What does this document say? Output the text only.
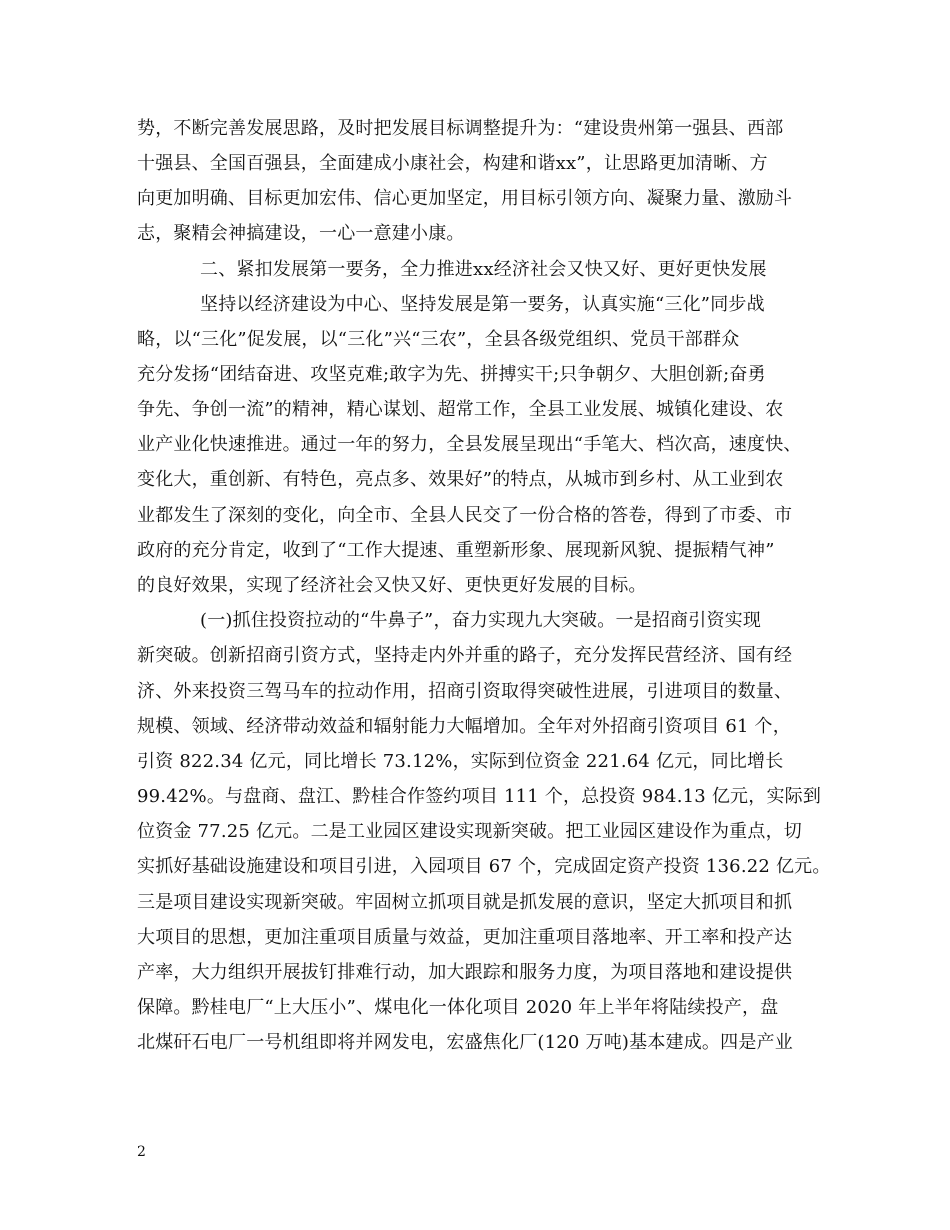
势，不断完善发展思路，及时把发展目标调整提升为：“建设贵州第一强县、西部
十强县、全国百强县，全面建成小康社会，构建和谐xx”，让思路更加清晰、方
向更加明确、目标更加宏伟、信心更加坚定，用目标引领方向、凝聚力量、激励斗
志，聚精会神搞建设，一心一意建小康。
二、紧扣发展第一要务，全力推进xx经济社会又快又好、更好更快发展
坚持以经济建设为中心、坚持发展是第一要务，认真实施“三化”同步战
略，以“三化”促发展，以“三化”兴“三农”，全县各级党组织、党员干部群众
充分发扬“团结奋进、攻坚克难;敢字为先、拼搏实干;只争朝夕、大胆创新;奋勇
争先、争创一流”的精神，精心谋划、超常工作，全县工业发展、城镇化建设、农
业产业化快速推进。通过一年的努力，全县发展呈现出“手笔大、档次高，速度快、
变化大，重创新、有特色，亮点多、效果好”的特点，从城市到乡村、从工业到农
业都发生了深刻的变化，向全市、全县人民交了一份合格的答卷，得到了市委、市
政府的充分肯定，收到了“工作大提速、重塑新形象、展现新风貌、提振精气神”
的良好效果，实现了经济社会又快又好、更快更好发展的目标。
(一)抓住投资拉动的“牛鼻子”，奋力实现九大突破。一是招商引资实现
新突破。创新招商引资方式，坚持走内外并重的路子，充分发挥民营经济、国有经
济、外来投资三驾马车的拉动作用，招商引资取得突破性进展，引进项目的数量、
规模、领域、经济带动效益和辐射能力大幅增加。全年对外招商引资项目 61 个，
引资 822.34 亿元，同比增长 73.12%，实际到位资金 221.64 亿元，同比增长
99.42%。与盘商、盘江、黔桂合作签约项目 111 个，总投资 984.13 亿元，实际到
位资金 77.25 亿元。二是工业园区建设实现新突破。把工业园区建设作为重点，切
实抓好基础设施建设和项目引进，入园项目 67 个，完成固定资产投资 136.22 亿元。
三是项目建设实现新突破。牢固树立抓项目就是抓发展的意识，坚定大抓项目和抓
大项目的思想，更加注重项目质量与效益，更加注重项目落地率、开工率和投产达
产率，大力组织开展拔钉排难行动，加大跟踪和服务力度，为项目落地和建设提供
保障。黔桂电厂“上大压小”、煤电化一体化项目 2020 年上半年将陆续投产，盘
北煤矸石电厂一号机组即将并网发电，宏盛焦化厂(120 万吨)基本建成。四是产业
2
